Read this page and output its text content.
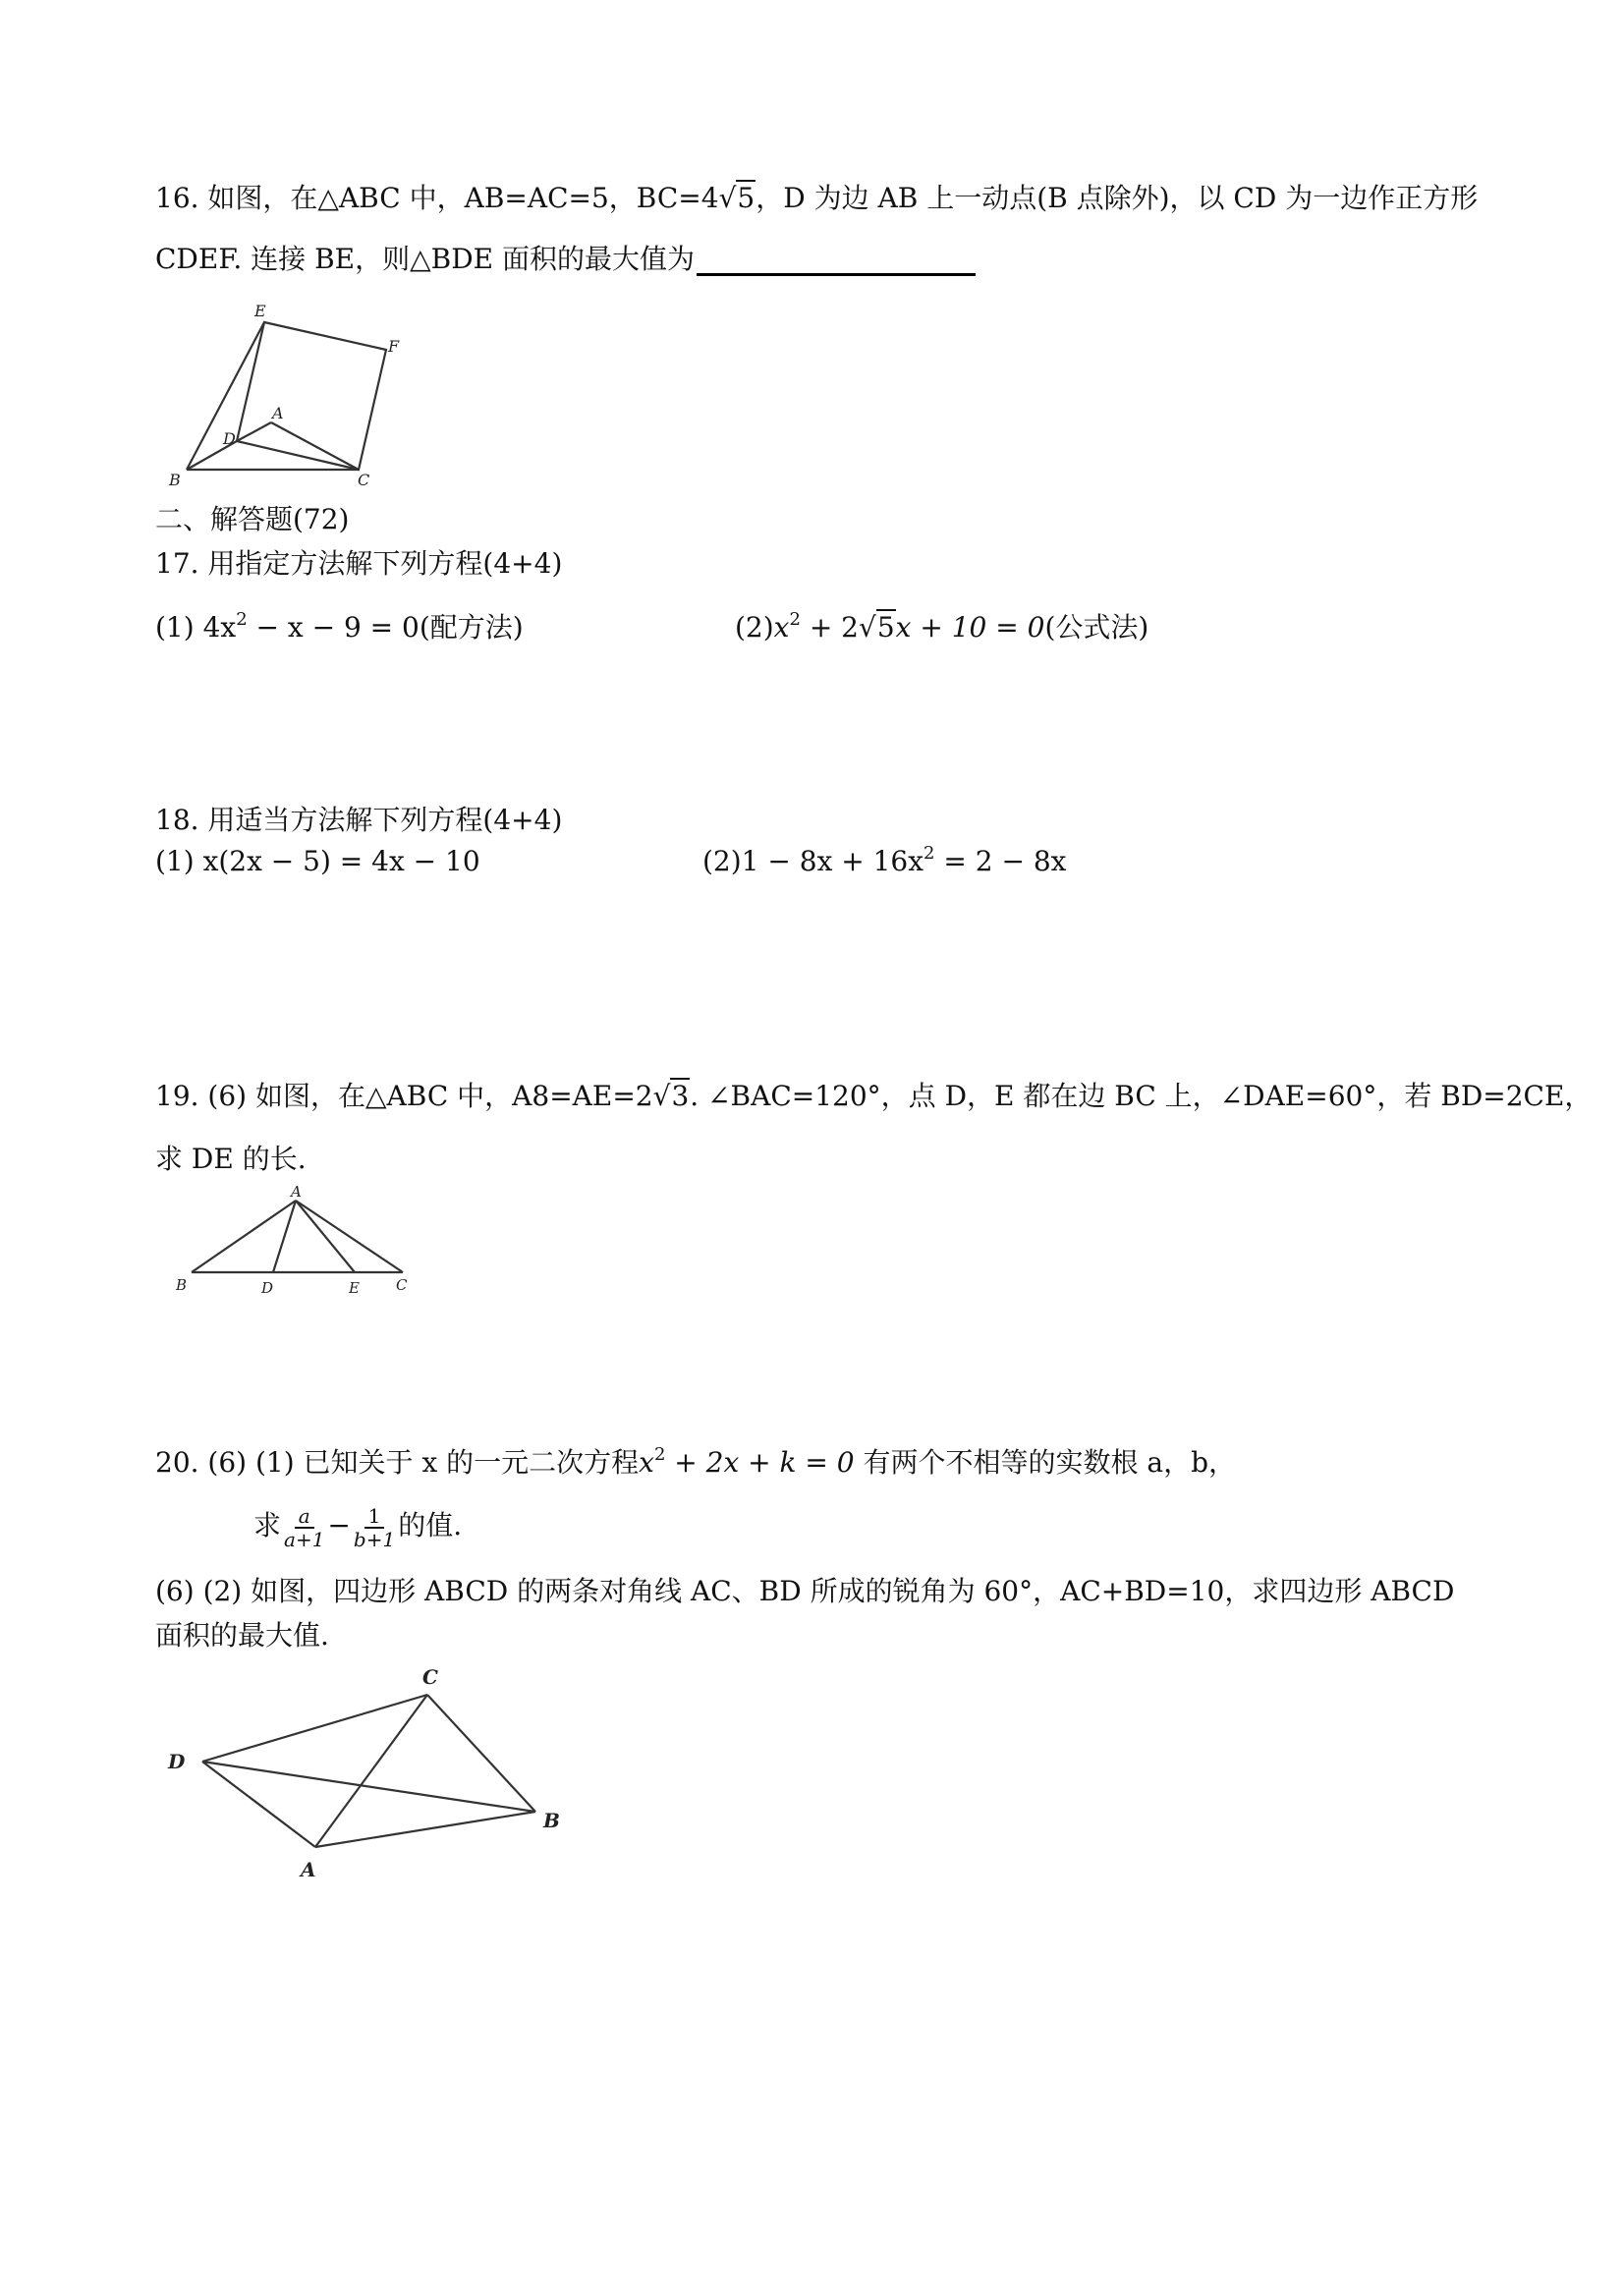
16. 如图，在△ABC 中，AB=AC=5，BC=4√5，D 为边 AB 上一动点(B 点除外)，以 CD 为一边作正方形
CDEF. 连接 BE，则△BDE 面积的最大值为
E
F
A
D
B	C
二、解答题(72)
17. 用指定方法解下列方程(4+4)
(1) $4x^2 - x - 9 = 0$(配方法)	$(2)x^2 + 2√5x + 10 = 0$(公式法)
18. 用适当方法解下列方程(4+4)
(1) x(2x − 5) = 4x − 10	$(2)1 - 8x + 16x^2 = 2 - 8x$
19. (6) 如图，在△ABC 中，A8=AE=2√3. ∠BAC=120°，点 D，E 都在边 BC 上，∠DAE=60°，若 BD=2CE，
求 DE 的长.
A
B	D	E C
20. (6) (1) 已知关于 x 的一元二次方程$x^2 + 2x + k = 0$ 有两个不相等的实数根 a，b，
求 $\frac{a}{a+1} - \frac{1}{b+1}$ 的值.
(6) (2) 如图，四边形 ABCD 的两条对角线 AC、BD 所成的锐角为 60°，AC+BD=10，求四边形 ABCD
面积的最大值.
C
D
B
A
